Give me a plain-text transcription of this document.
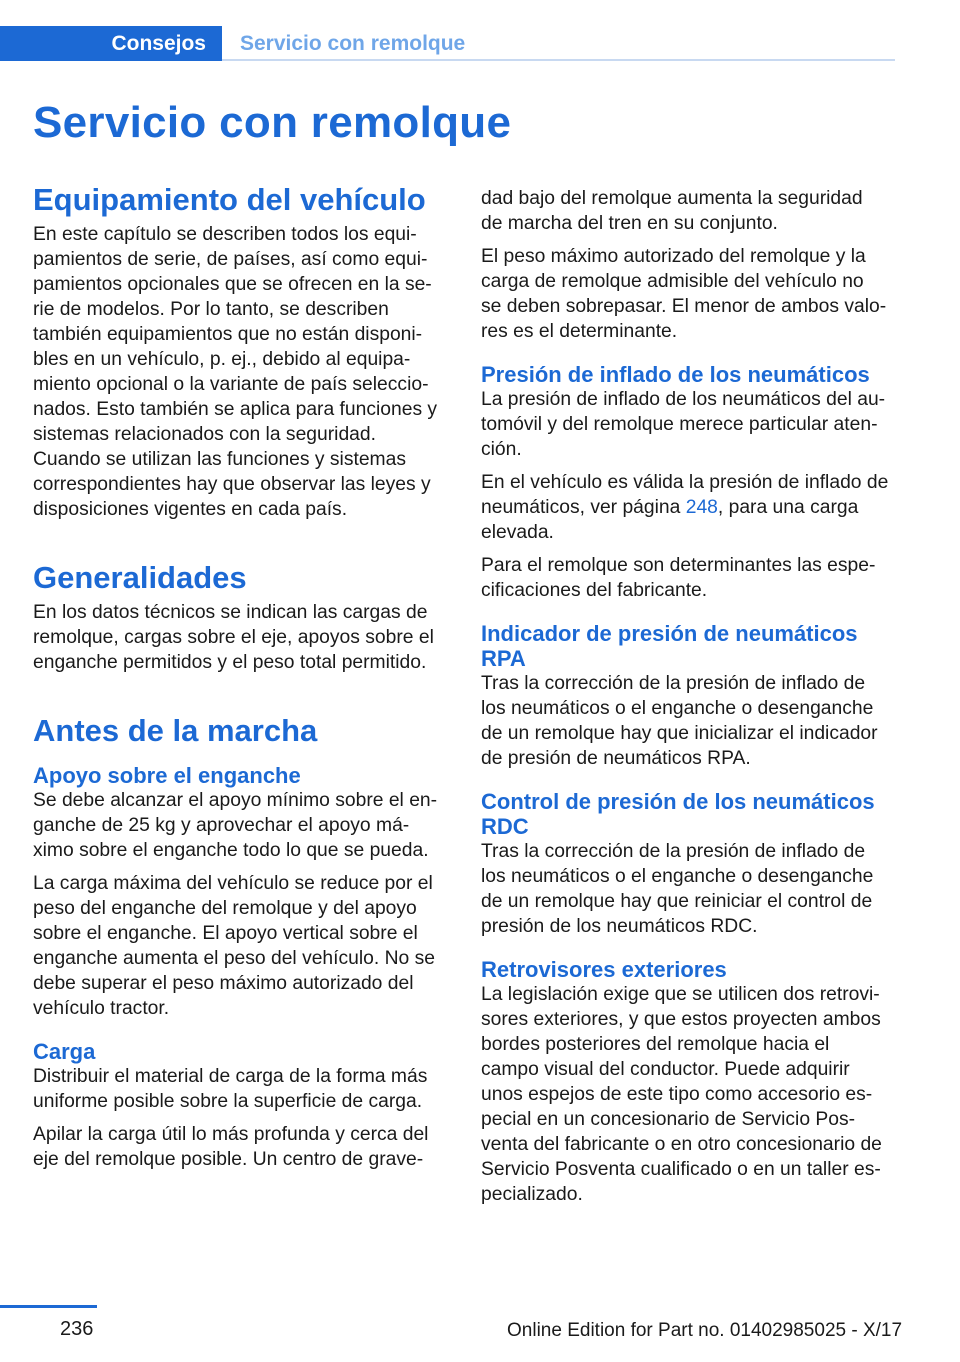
Consejos Servicio con remolque
Servicio con remolque
Equipamiento del vehículo

En este capítulo se describen todos los equi-

pamientos de serie, de países, así como equi-

pamientos opcionales que se ofrecen en la se-

rie de modelos. Por lo tanto, se describen

también equipamientos que no están disponi-

bles en un vehículo, p. ej., debido al equipa-

miento opcional o la variante de país seleccio-

nados. Esto también se aplica para funciones y

sistemas relacionados con la seguridad.

Cuando se utilizan las funciones y sistemas

correspondientes hay que observar las leyes y

disposiciones vigentes en cada país.

Generalidades

En los datos técnicos se indican las cargas de

remolque, cargas sobre el eje, apoyos sobre el

enganche permitidos y el peso total permitido.

Antes de la marcha
Apoyo sobre el enganche

Se debe alcanzar el apoyo mínimo sobre el en-

ganche de 25 kg y aprovechar el apoyo má-

ximo sobre el enganche todo lo que se pueda.

La carga máxima del vehículo se reduce por el

peso del enganche del remolque y del apoyo

sobre el enganche. El apoyo vertical sobre el

enganche aumenta el peso del vehículo. No se

debe superar el peso máximo autorizado del

vehículo tractor.

Carga

Distribuir el material de carga de la forma más

uniforme posible sobre la superficie de carga.

Apilar la carga útil lo más profunda y cerca del

eje del remolque posible. Un centro de grave-

dad bajo del remolque aumenta la seguridad

de marcha del tren en su conjunto.

El peso máximo autorizado del remolque y la

carga de remolque admisible del vehículo no

se deben sobrepasar. El menor de ambos valo-

res es el determinante.

Presión de inflado de los neumáticos

La presión de inflado de los neumáticos del au-

tomóvil y del remolque merece particular aten-

ción.

En el vehículo es válida la presión de inflado de

neumáticos, ver página 248, para una carga

elevada.

Para el remolque son determinantes las espe-

cificaciones del fabricante.

Indicador de presión de neumáticos
RPA

Tras la corrección de la presión de inflado de

los neumáticos o el enganche o desenganche

de un remolque hay que inicializar el indicador

de presión de neumáticos RPA.

Control de presión de los neumáticos
RDC

Tras la corrección de la presión de inflado de

los neumáticos o el enganche o desenganche

de un remolque hay que reiniciar el control de

presión de los neumáticos RDC.

Retrovisores exteriores

La legislación exige que se utilicen dos retrovi-

sores exteriores, y que estos proyecten ambos

bordes posteriores del remolque hacia el

campo visual del conductor. Puede adquirir

unos espejos de este tipo como accesorio es-

pecial en un concesionario de Servicio Pos-

venta del fabricante o en otro concesionario de

Servicio Posventa cualificado o en un taller es-

pecializado.

236	Online Edition for Part no. 01402985025 - X/17
